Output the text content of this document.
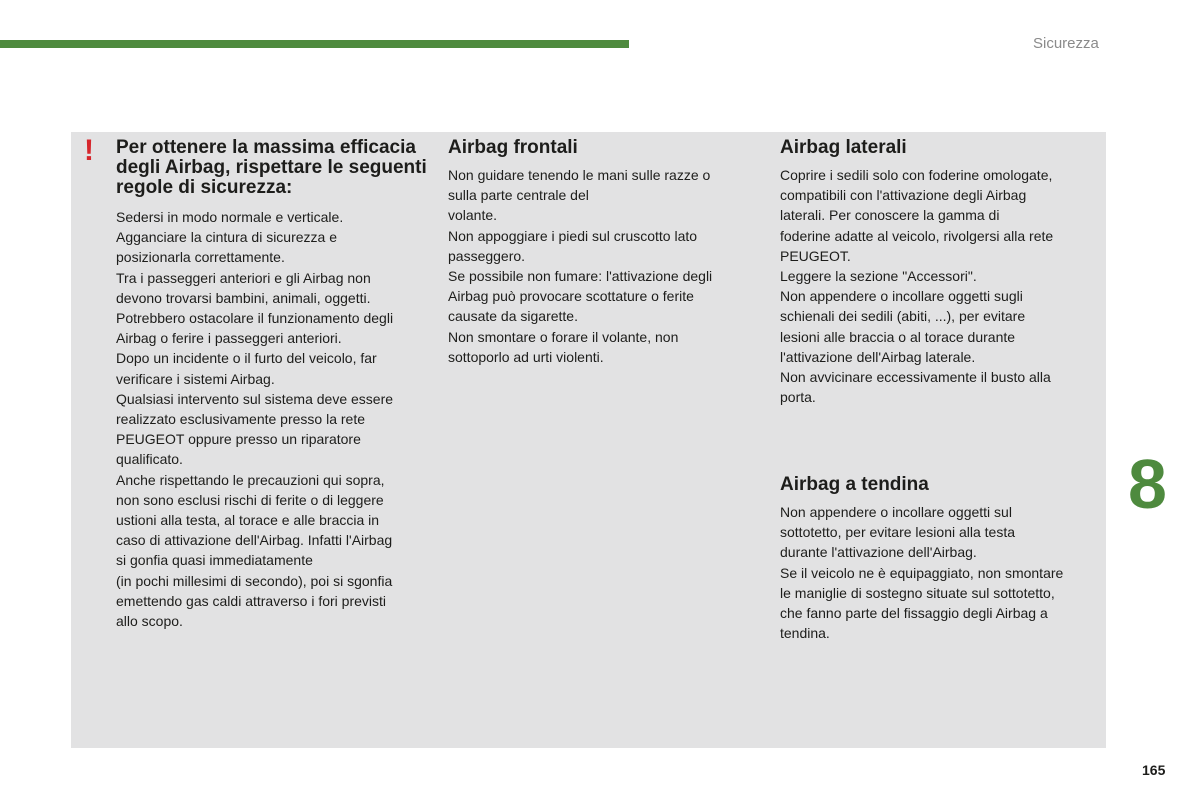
Sicurezza
! Per ottenere la massima efficacia degli Airbag, rispettare le seguenti regole di sicurezza:

Sedersi in modo normale e verticale.
Agganciare la cintura di sicurezza e
posizionarla correttamente.
Tra i passeggeri anteriori e gli Airbag non
devono trovarsi bambini, animali, oggetti.
Potrebbero ostacolare il funzionamento degli
Airbag o ferire i passeggeri anteriori.
Dopo un incidente o il furto del veicolo, far
verificare i sistemi Airbag.
Qualsiasi intervento sul sistema deve essere
realizzato esclusivamente presso la rete
PEUGEOT oppure presso un riparatore
qualificato.
Anche rispettando le precauzioni qui sopra,
non sono esclusi rischi di ferite o di leggere
ustioni alla testa, al torace e alle braccia in
caso di attivazione dell'Airbag. Infatti l'Airbag
si gonfia quasi immediatamente
(in pochi millesimi di secondo), poi si sgonfia
emettendo gas caldi attraverso i fori previsti
allo scopo.

Airbag frontali

Non guidare tenendo le mani sulle razze o
sulla parte centrale del
volante.
Non appoggiare i piedi sul cruscotto lato
passeggero.
Se possibile non fumare: l'attivazione degli
Airbag può provocare scottature o ferite
causate da sigarette.
Non smontare o forare il volante, non
sottoporlo ad urti violenti.

Airbag laterali

Coprire i sedili solo con foderine omologate,
compatibili con l'attivazione degli Airbag
laterali. Per conoscere la gamma di
foderine adatte al veicolo, rivolgersi alla rete
PEUGEOT.
Leggere la sezione "Accessori".
Non appendere o incollare oggetti sugli
schienali dei sedili (abiti, ...), per evitare
lesioni alle braccia o al torace durante
l'attivazione dell'Airbag laterale.
Non avvicinare eccessivamente il busto alla
porta.

Airbag a tendina

Non appendere o incollare oggetti sul
sottotetto, per evitare lesioni alla testa
durante l'attivazione dell'Airbag.
Se il veicolo ne è equipaggiato, non smontare
le maniglie di sostegno situate sul sottotetto,
che fanno parte del fissaggio degli Airbag a
tendina.

8
165
